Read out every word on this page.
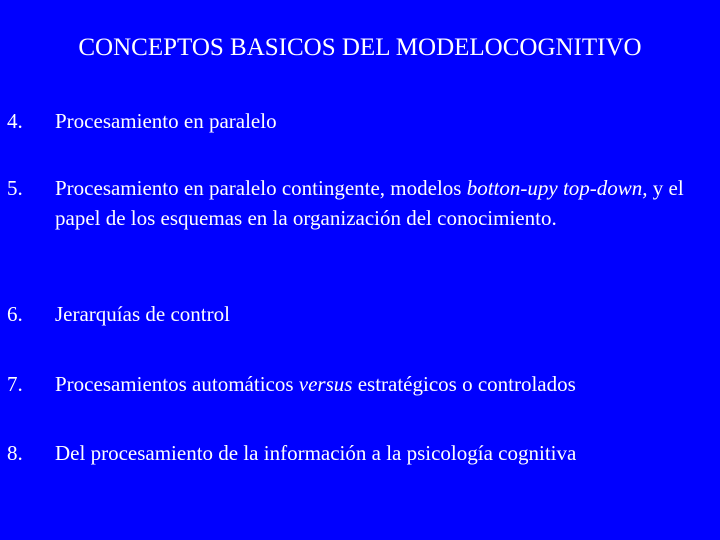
CONCEPTOS BASICOS DEL MODELOCOGNITIVO
4. Procesamiento en paralelo
5. Procesamiento en paralelo contingente, modelos botton-upy top-down, y el papel de los esquemas en la organización del conocimiento.
6. Jerarquías de control
7. Procesamientos automáticos versus estratégicos o controlados
8. Del procesamiento de la información a la psicología cognitiva
